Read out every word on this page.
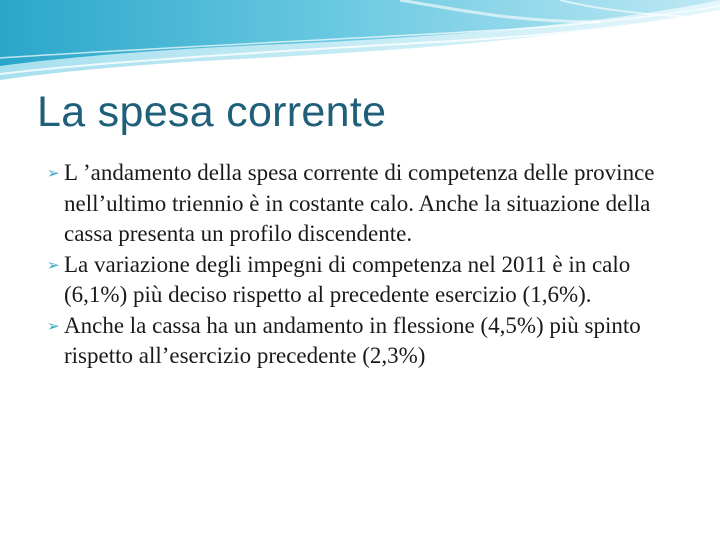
La spesa corrente
➢ L ’andamento della spesa corrente di competenza delle province nell’ultimo triennio è in costante calo. Anche la situazione della cassa presenta un profilo discendente.
➢ La variazione degli impegni di competenza nel 2011 è in calo (6,1%) più deciso rispetto al precedente esercizio (1,6%).
➢ Anche la cassa ha un andamento in flessione (4,5%) più spinto rispetto all’esercizio precedente (2,3%)
